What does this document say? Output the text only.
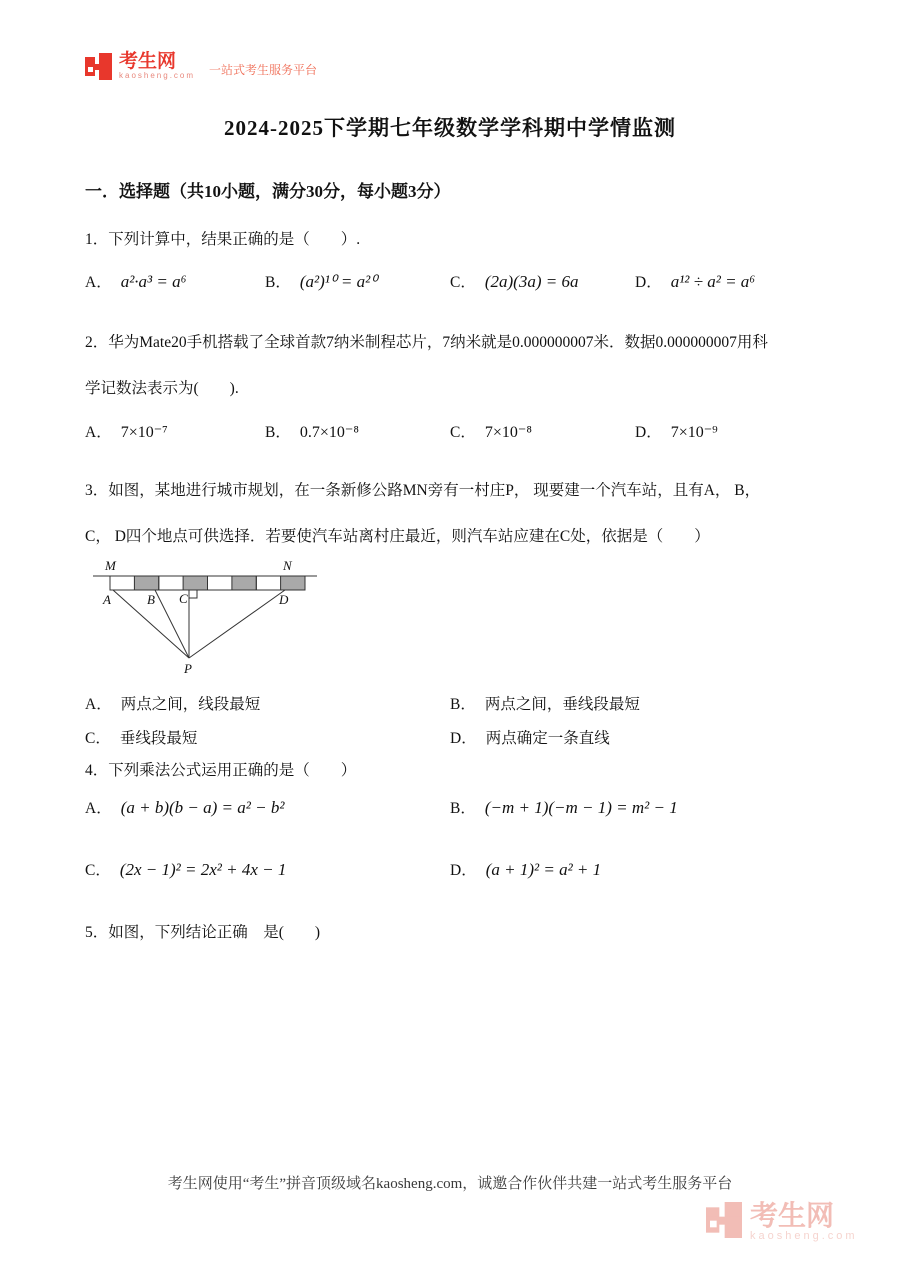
考生网
kaosheng.com 一站式考生服务平台
2024-2025下学期七年级数学学科期中学情监测
一．选择题（共10小题，满分30分，每小题3分）
1．下列计算中，结果正确的是（　　）.
A． a²·a³ = a⁶	B． (a²)¹⁰ = a²⁰	C． (2a)(3a) = 6a	D． a¹² ÷ a² = a⁶
2．华为Mate20手机搭载了全球首款7纳米制程芯片，7纳米就是0.000000007米．数据0.000000007用科
学记数法表示为(　　).
A． 7×10⁻⁷	B． 0.7×10⁻⁸	C． 7×10⁻⁸	D． 7×10⁻⁹
3．如图，某地进行城市规划，在一条新修公路MN旁有一村庄P， 现要建一个汽车站，且有A， B，
C， D四个地点可供选择．若要使汽车站离村庄最近，则汽车站应建在C处，依据是（　　）
M	N
A	B C	D
P
A． 两点之间，线段最短	B． 两点之间，垂线段最短
C． 垂线段最短	D． 两点确定一条直线
4．下列乘法公式运用正确的是（　　）
A． (a + b)(b − a) = a² − b²	B． (−m + 1)(−m − 1) = m² − 1
C． (2x − 1)² = 2x² + 4x − 1	D． (a + 1)² = a² + 1
5．如图，下列结论正确　是(　　)
考生网使用“考生”拼音顶级域名kaosheng.com，诚邀合作伙伴共建一站式考生服务平台
考生网
kaosheng.com
